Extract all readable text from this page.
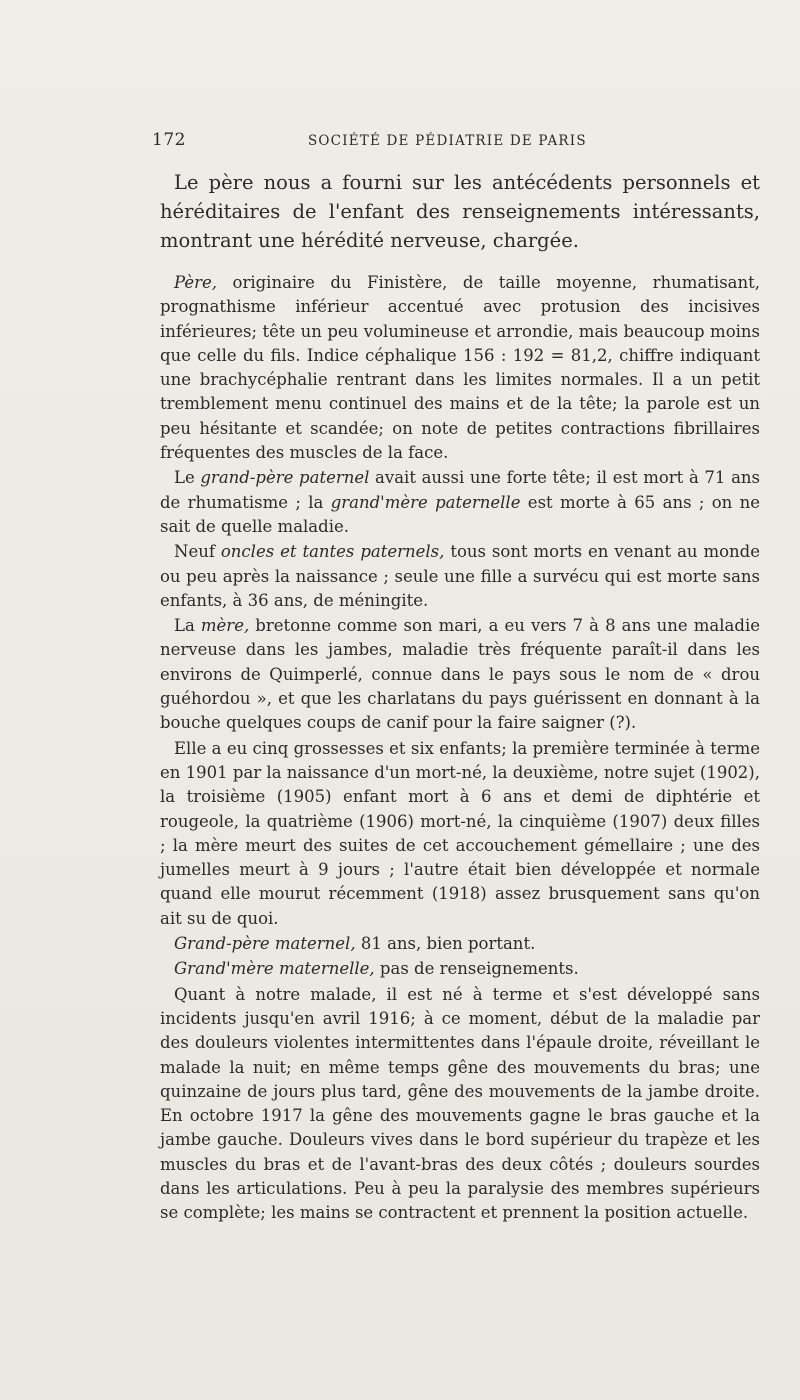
172	SOCIÉTÉ DE PÉDIATRIE DE PARIS

Le père nous a fourni sur les antécédents personnels et héréditaires de l'enfant des renseignements intéressants, montrant une hérédité nerveuse, chargée.

Père, originaire du Finistère, de taille moyenne, rhumatisant, prognathisme inférieur accentué avec protusion des incisives inférieures; tête un peu volumineuse et arrondie, mais beaucoup moins que celle du fils. Indice céphalique 156 : 192 = 81,2, chiffre indiquant une brachycéphalie rentrant dans les limites normales. Il a un petit tremblement menu continuel des mains et de la tête; la parole est un peu hésitante et scandée; on note de petites contractions fibrillaires fréquentes des muscles de la face.

Le grand-père paternel avait aussi une forte tête; il est mort à 71 ans de rhumatisme ; la grand'mère paternelle est morte à 65 ans ; on ne sait de quelle maladie.

Neuf oncles et tantes paternels, tous sont morts en venant au monde ou peu après la naissance ; seule une fille a survécu qui est morte sans enfants, à 36 ans, de méningite.

La mère, bretonne comme son mari, a eu vers 7 à 8 ans une maladie nerveuse dans les jambes, maladie très fréquente paraît-il dans les environs de Quimperlé, connue dans le pays sous le nom de « drou guéhordou », et que les charlatans du pays guérissent en donnant à la bouche quelques coups de canif pour la faire saigner (?).

Elle a eu cinq grossesses et six enfants; la première terminée à terme en 1901 par la naissance d'un mort-né, la deuxième, notre sujet (1902), la troisième (1905) enfant mort à 6 ans et demi de diphtérie et rougeole, la quatrième (1906) mort-né, la cinquième (1907) deux filles ; la mère meurt des suites de cet accouchement gémellaire ; une des jumelles meurt à 9 jours ; l'autre était bien développée et normale quand elle mourut récemment (1918) assez brusquement sans qu'on ait su de quoi.

Grand-père maternel, 81 ans, bien portant.

Grand'mère maternelle, pas de renseignements.

Quant à notre malade, il est né à terme et s'est développé sans incidents jusqu'en avril 1916; à ce moment, début de la maladie par des douleurs violentes intermittentes dans l'épaule droite, réveillant le malade la nuit; en même temps gêne des mouvements du bras; une quinzaine de jours plus tard, gêne des mouvements de la jambe droite. En octobre 1917 la gêne des mouvements gagne le bras gauche et la jambe gauche. Douleurs vives dans le bord supérieur du trapèze et les muscles du bras et de l'avant-bras des deux côtés ; douleurs sourdes dans les articulations. Peu à peu la paralysie des membres supérieurs se complète; les mains se contractent et prennent la position actuelle.
